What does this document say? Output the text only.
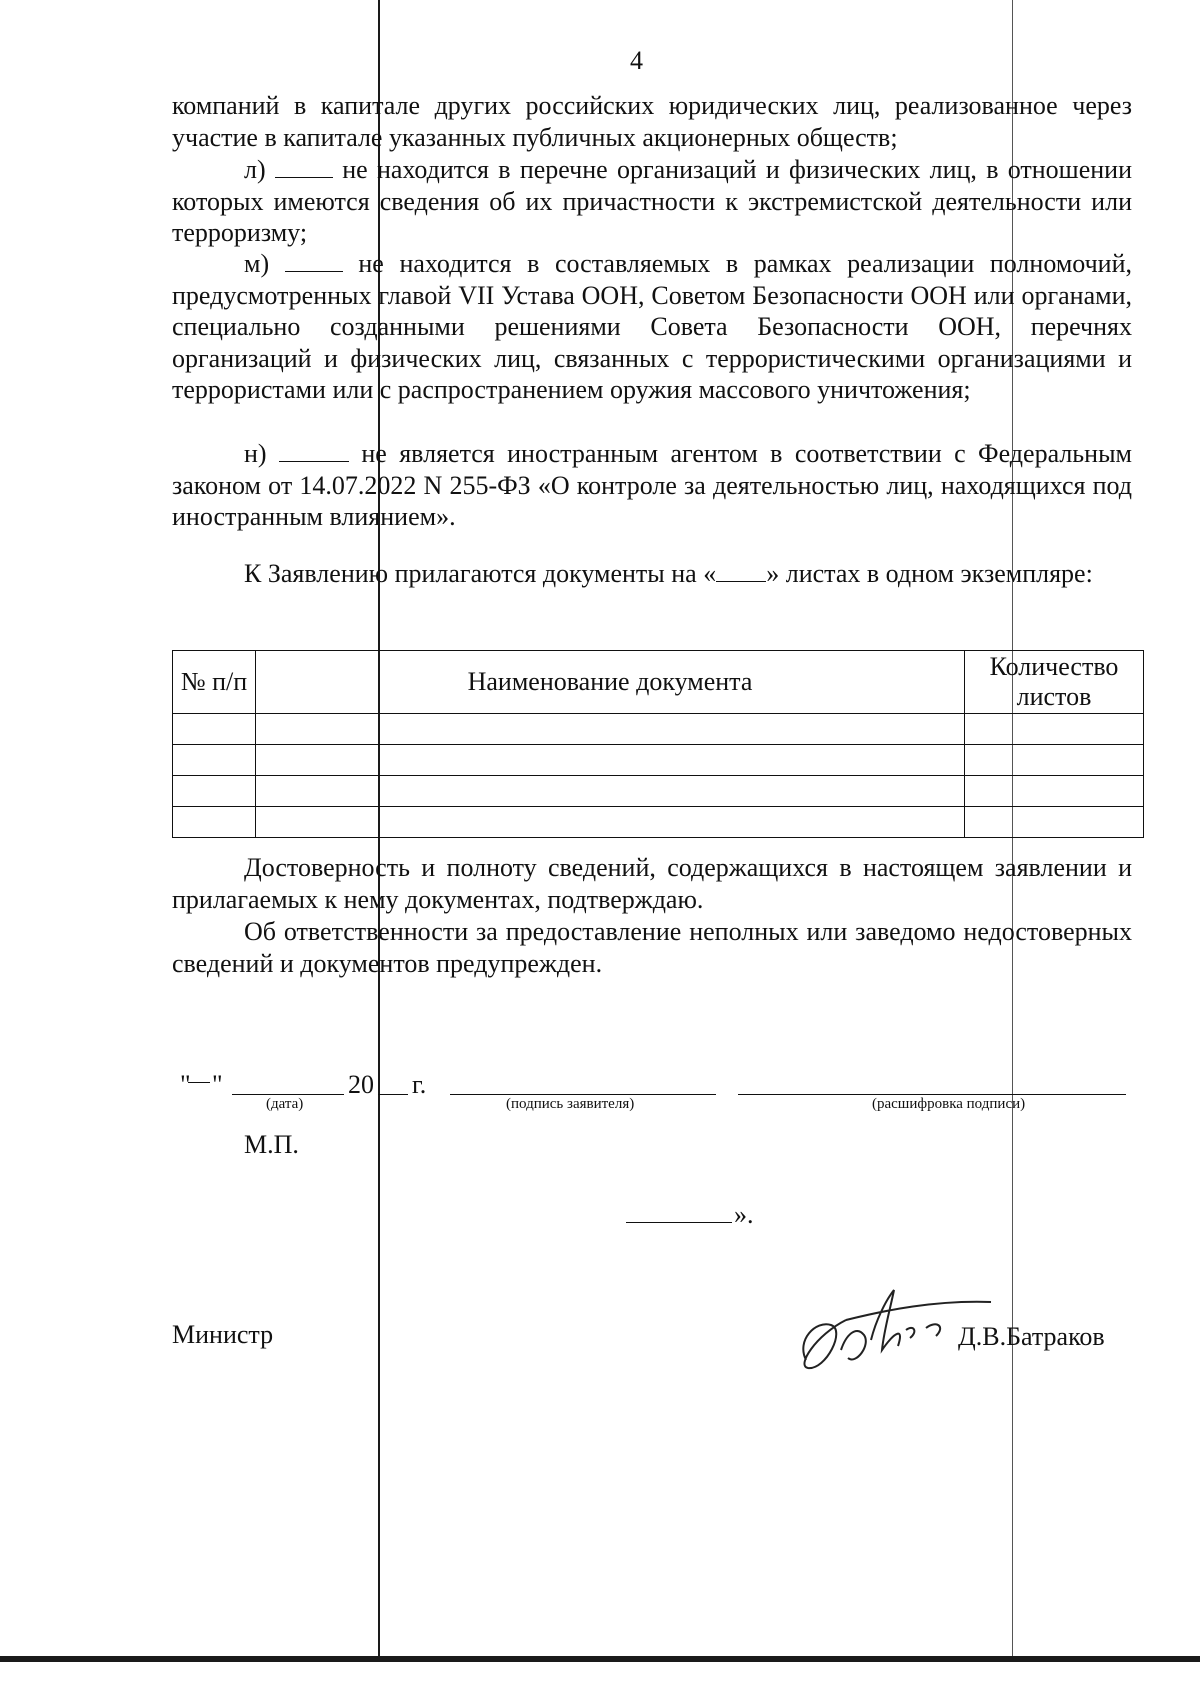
4

компаний в капитале других российских юридических лиц, реализованное через участие в капитале указанных публичных акционерных обществ;

л)	не находится в перечне организаций и физических лиц, в отношении которых имеются сведения об их причастности к экстремистской деятельности или терроризму;

м)	не находится в составляемых в рамках реализации полномочий, предусмотренных главой VII Устава ООН, Советом Безопасности ООН или органами, специально созданными решениями Совета Безопасности ООН, перечнях организаций и физических лиц, связанных с террористическими организациями и террористами или с распространением оружия массового уничтожения;

н)	не является иностранным агентом в соответствии с Федеральным законом от 14.07.2022 N 255-ФЗ «О контроле за деятельностью лиц, находящихся под иностранным влиянием».

К Заявлению прилагаются документы на « » листах в одном экземпляре:

№ п/п	Наименование документа	Количество листов

Достоверность и полноту сведений, содержащихся в настоящем заявлении и прилагаемых к нему документах, подтверждаю.

Об ответственности за предоставление неполных или заведомо недостоверных сведений и документов предупрежден.

" "	20 г.
(дата)	(подпись заявителя)	(расшифровка подписи)
М.П.
».
Министр	Д.В.Батраков
